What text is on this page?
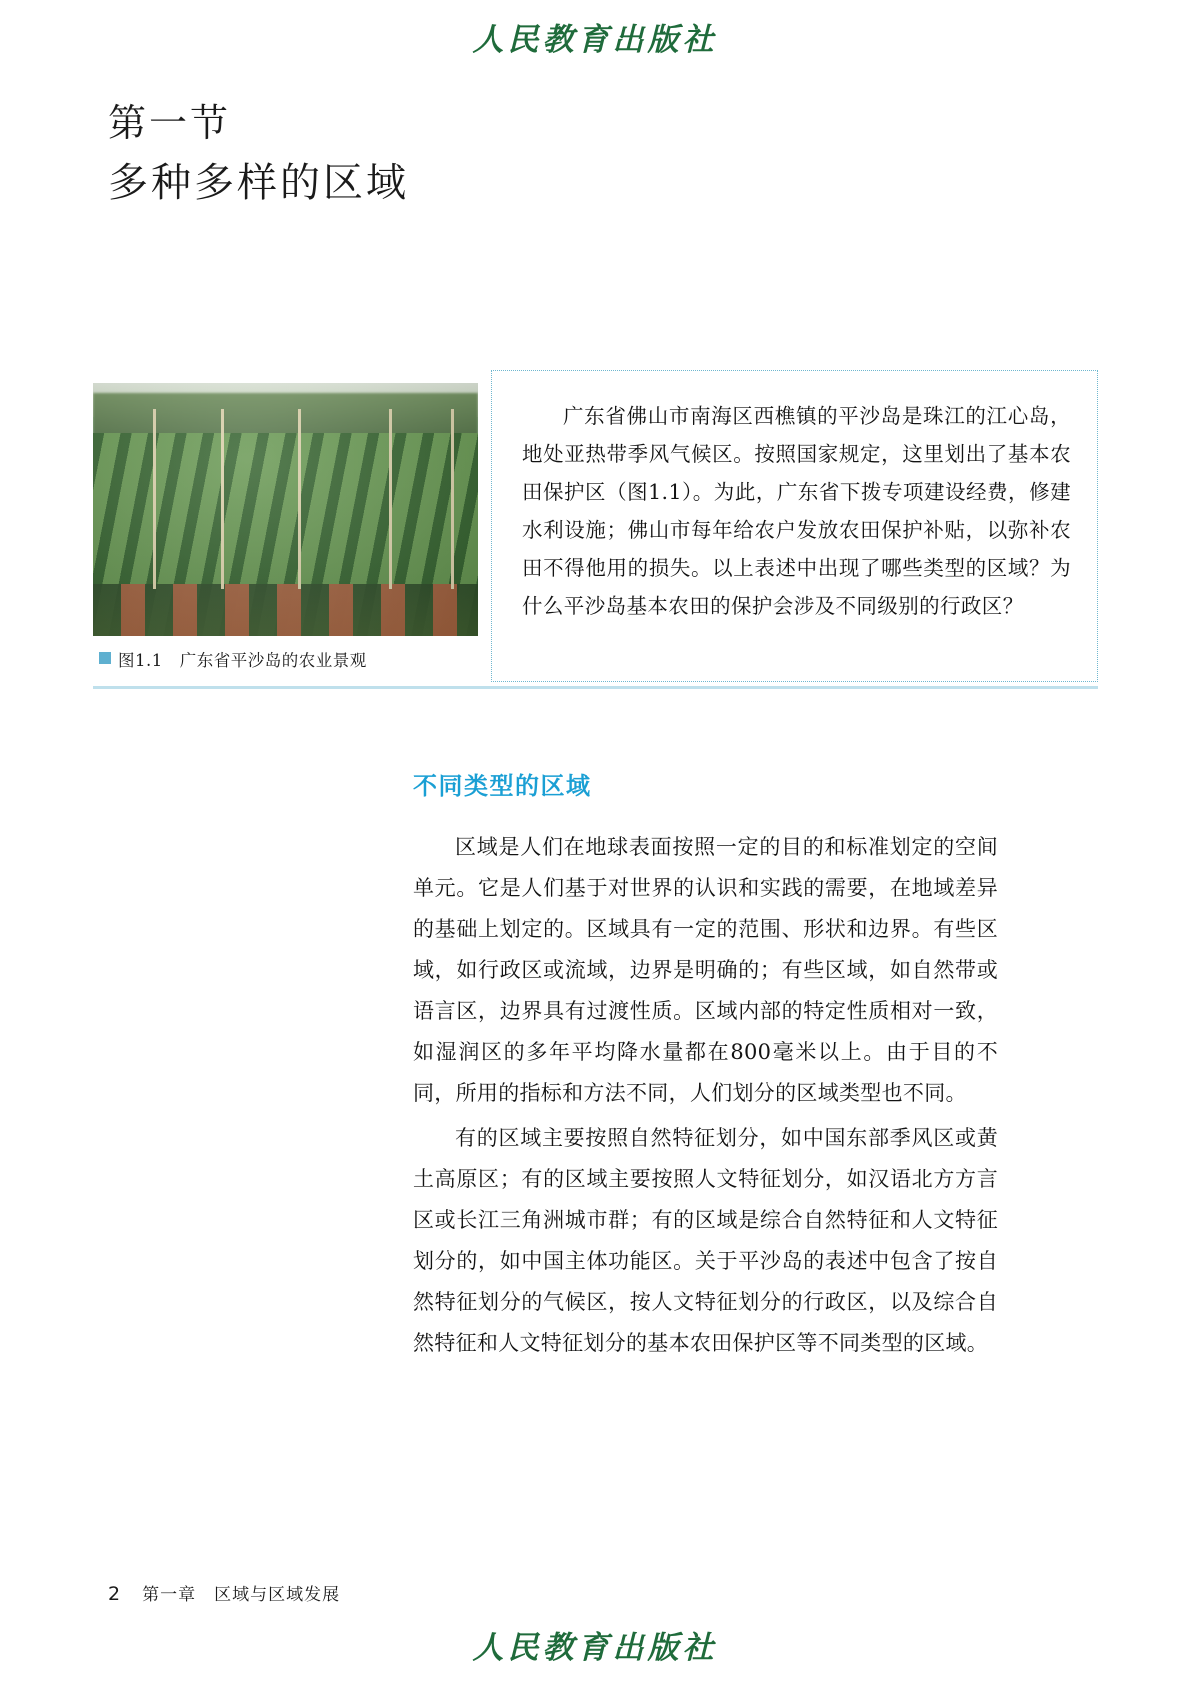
人民教育出版社
第一节
多种多样的区域
图1.1　广东省平沙岛的农业景观
广东省佛山市南海区西樵镇的平沙岛是珠江的江心岛，地处亚热带季风气候区。按照国家规定，这里划出了基本农田保护区（图1.1）。为此，广东省下拨专项建设经费，修建水利设施；佛山市每年给农户发放农田保护补贴，以弥补农田不得他用的损失。以上表述中出现了哪些类型的区域？为什么平沙岛基本农田的保护会涉及不同级别的行政区？
不同类型的区域

区域是人们在地球表面按照一定的目的和标准划定的空间单元。它是人们基于对世界的认识和实践的需要，在地域差异的基础上划定的。区域具有一定的范围、形状和边界。有些区域，如行政区或流域，边界是明确的；有些区域，如自然带或语言区，边界具有过渡性质。区域内部的特定性质相对一致，如湿润区的多年平均降水量都在800毫米以上。由于目的不同，所用的指标和方法不同，人们划分的区域类型也不同。

有的区域主要按照自然特征划分，如中国东部季风区或黄土高原区；有的区域主要按照人文特征划分，如汉语北方方言区或长江三角洲城市群；有的区域是综合自然特征和人文特征划分的，如中国主体功能区。关于平沙岛的表述中包含了按自然特征划分的气候区，按人文特征划分的行政区，以及综合自然特征和人文特征划分的基本农田保护区等不同类型的区域。

2 第一章　区域与区域发展
人民教育出版社
